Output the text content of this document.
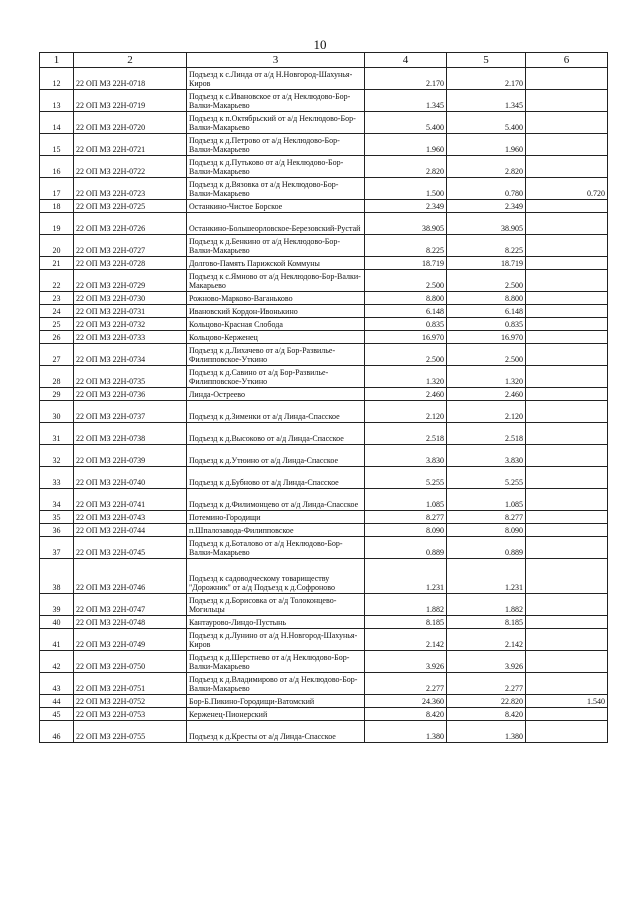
10
1	2	3	4	5	6
12	22 ОП МЗ 22Н-0718	Подъезд к с.Линда от а/д Н.Новгород-Шахунья-Киров	2.170	2.170	
13	22 ОП МЗ 22Н-0719	Подъезд к с.Ивановское от а/д Неклюдово-Бор-Валки-Макарьево	1.345	1.345	
14	22 ОП МЗ 22Н-0720	Подъезд к п.Октябрьский от а/д Неклюдово-Бор-Валки-Макарьево	5.400	5.400	
15	22 ОП МЗ 22Н-0721	Подъезд к д.Петрово от а/д Неклюдово-Бор-Валки-Макарьево	1.960	1.960	
16	22 ОП МЗ 22Н-0722	Подъезд к д.Путьково от а/д Неклюдово-Бор-Валки-Макарьево	2.820	2.820	
17	22 ОП МЗ 22Н-0723	Подъезд к д.Вязовка от а/д Неклюдово-Бор-Валки-Макарьево	1.500	0.780	0.720
18	22 ОП МЗ 22Н-0725	Останкино-Чистое Борское	2.349	2.349	
19	22 ОП МЗ 22Н-0726	Останкино-Большеорловское-Березовский-Рустай	38.905	38.905	
20	22 ОП МЗ 22Н-0727	Подъезд к д.Бенкино от а/д Неклюдово-Бор-Валки-Макарьево	8.225	8.225	
21	22 ОП МЗ 22Н-0728	Долгово-Память Парижской Коммуны	18.719	18.719	
22	22 ОП МЗ 22Н-0729	Подъезд к с.Ямново от а/д Неклюдово-Бор-Валки-Макарьево	2.500	2.500	
23	22 ОП МЗ 22Н-0730	Рожново-Марково-Ваганьково	8.800	8.800	
24	22 ОП МЗ 22Н-0731	Ивановский Кордон-Ивонькино	6.148	6.148	
25	22 ОП МЗ 22Н-0732	Кольцово-Красная Слобода	0.835	0.835	
26	22 ОП МЗ 22Н-0733	Кольцово-Керженец	16.970	16.970	
27	22 ОП МЗ 22Н-0734	Подъезд к д.Лихачево от а/д Бор-Развилье-Филипповское-Уткино	2.500	2.500	
28	22 ОП МЗ 22Н-0735	Подъезд к д.Савино от а/д Бор-Развилье-Филипповское-Уткино	1.320	1.320	
29	22 ОП МЗ 22Н-0736	Линда-Остреево	2.460	2.460	
30	22 ОП МЗ 22Н-0737	Подъезд к д.Зименки от а/д Линда-Спасское	2.120	2.120	
31	22 ОП МЗ 22Н-0738	Подъезд к д.Высоково от а/д Линда-Спасское	2.518	2.518	
32	22 ОП МЗ 22Н-0739	Подъезд к д.Утюино от а/д Линда-Спасское	3.830	3.830	
33	22 ОП МЗ 22Н-0740	Подъезд к д.Бубново от а/д Линда-Спасское	5.255	5.255	
34	22 ОП МЗ 22Н-0741	Подъезд к д.Филимонцево от а/д Линда-Спасское	1.085	1.085	
35	22 ОП МЗ 22Н-0743	Потемино-Городищи	8.277	8.277	
36	22 ОП МЗ 22Н-0744	п.Шпалозавода-Филипповское	8.090	8.090	
37	22 ОП МЗ 22Н-0745	Подъезд к д.Боталово от а/д Неклюдово-Бор-Валки-Макарьево	0.889	0.889	
38	22 ОП МЗ 22Н-0746	Подъезд к садоводческому товариществу "Дорожник" от а/д Подъезд к д.Софроново	1.231	1.231	
39	22 ОП МЗ 22Н-0747	Подъезд к д.Борисовка от а/д Толоконцево-Могильцы	1.882	1.882	
40	22 ОП МЗ 22Н-0748	Кантаурово-Линдо-Пустынь	8.185	8.185	
41	22 ОП МЗ 22Н-0749	Подъезд к д.Лунино от а/д Н.Новгород-Шахунья-Киров	2.142	2.142	
42	22 ОП МЗ 22Н-0750	Подъезд к д.Шерстнево от а/д Неклюдово-Бор-Валки-Макарьево	3.926	3.926	
43	22 ОП МЗ 22Н-0751	Подъезд к д.Владимирово от а/д Неклюдово-Бор-Валки-Макарьево	2.277	2.277	
44	22 ОП МЗ 22Н-0752	Бор-Б.Пикино-Городищи-Ватомский	24.360	22.820	1.540
45	22 ОП МЗ 22Н-0753	Керженец-Пионерский	8.420	8.420	
46	22 ОП МЗ 22Н-0755	Подъезд к д.Кресты от а/д Линда-Спасское	1.380	1.380	
